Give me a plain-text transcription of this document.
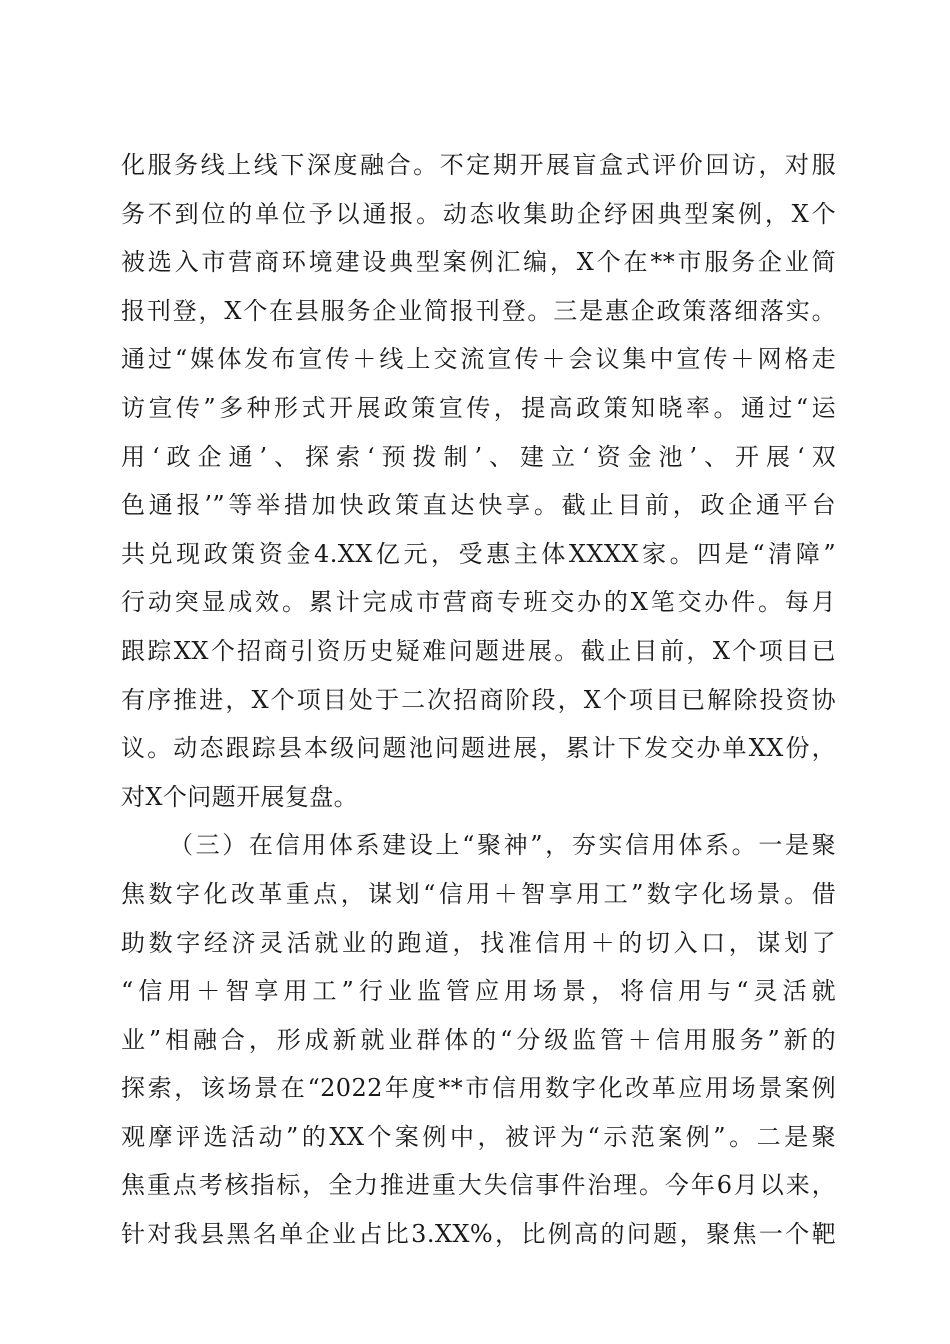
化服务线上线下深度融合。不定期开展盲盒式评价回访，对服
务不到位的单位予以通报。动态收集助企纾困典型案例，X个
被选入市营商环境建设典型案例汇编，X个在**市服务企业简
报刊登，X个在县服务企业简报刊登。三是惠企政策落细落实。
通过“媒体发布宣传＋线上交流宣传＋会议集中宣传＋网格走
访宣传”多种形式开展政策宣传，提高政策知晓率。通过“运
用‘政企通’、探索‘预拨制’、建立‘资金池’、开展‘双
色通报’”等举措加快政策直达快享。截止目前，政企通平台
共兑现政策资金4.XX亿元，受惠主体XXXX家。四是“清障”
行动突显成效。累计完成市营商专班交办的X笔交办件。每月
跟踪XX个招商引资历史疑难问题进展。截止目前，X个项目已
有序推进，X个项目处于二次招商阶段，X个项目已解除投资协
议。动态跟踪县本级问题池问题进展，累计下发交办单XX份，
对X个问题开展复盘。
（三）在信用体系建设上“聚神”，夯实信用体系。一是聚
焦数字化改革重点，谋划“信用＋智享用工”数字化场景。借
助数字经济灵活就业的跑道，找准信用＋的切入口，谋划了
“信用＋智享用工”行业监管应用场景，将信用与“灵活就
业”相融合，形成新就业群体的“分级监管＋信用服务”新的
探索，该场景在“2022年度**市信用数字化改革应用场景案例
观摩评选活动”的XX个案例中，被评为“示范案例”。二是聚
焦重点考核指标，全力推进重大失信事件治理。今年6月以来，
针对我县黑名单企业占比3.XX%，比例高的问题，聚焦一个靶
